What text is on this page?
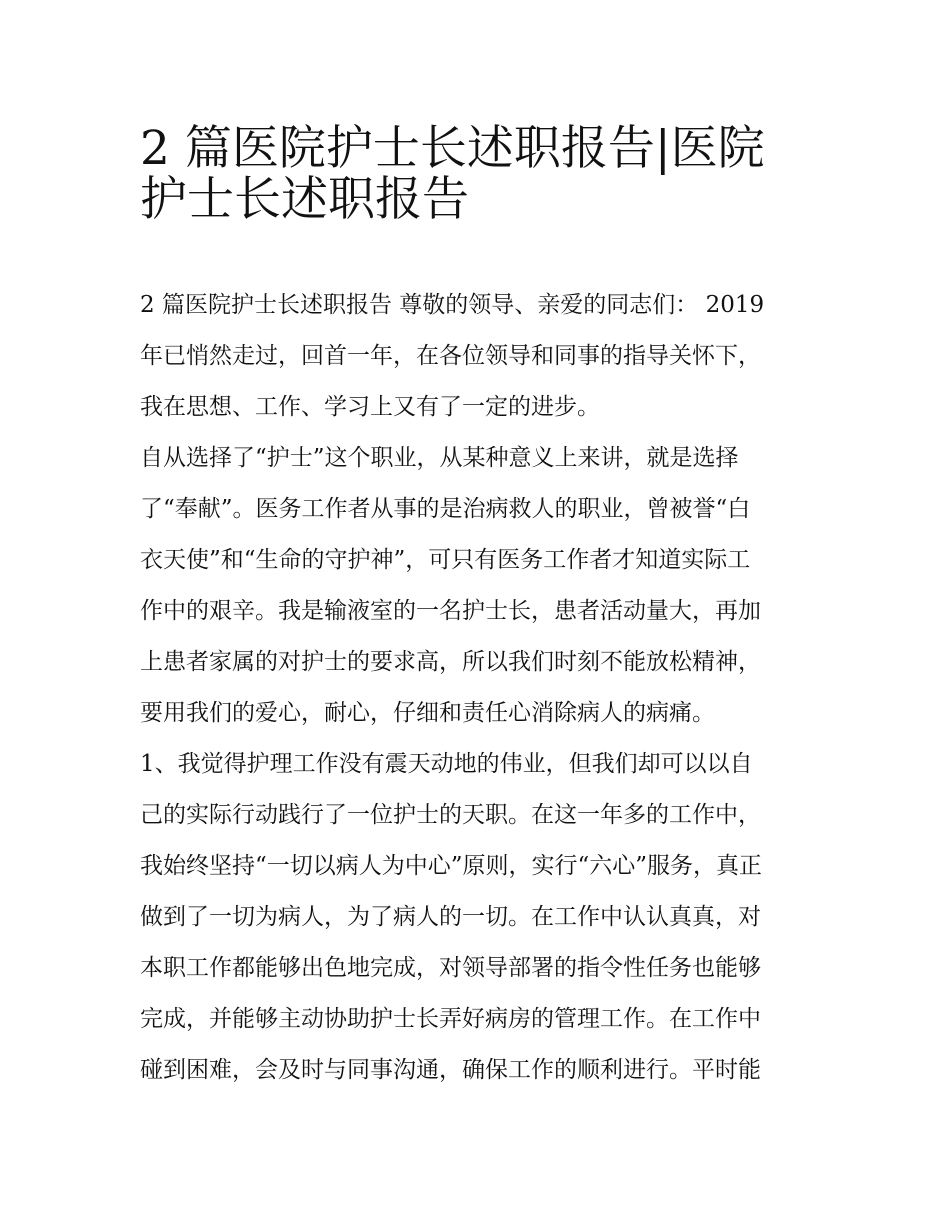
2 篇医院护士长述职报告|医院
护士长述职报告
2 篇医院护士长述职报告 尊敬的领导、亲爱的同志们： 2019
年已悄然走过，回首一年，在各位领导和同事的指导关怀下，
我在思想、工作、学习上又有了一定的进步。
自从选择了“护士”这个职业，从某种意义上来讲，就是选择
了“奉献”。医务工作者从事的是治病救人的职业，曾被誉“白
衣天使”和“生命的守护神”，可只有医务工作者才知道实际工
作中的艰辛。我是输液室的一名护士长，患者活动量大，再加
上患者家属的对护士的要求高，所以我们时刻不能放松精神，
要用我们的爱心，耐心，仔细和责任心消除病人的病痛。
1、我觉得护理工作没有震天动地的伟业，但我们却可以以自
己的实际行动践行了一位护士的天职。在这一年多的工作中，
我始终坚持“一切以病人为中心”原则，实行“六心”服务，真正
做到了一切为病人，为了病人的一切。在工作中认认真真，对
本职工作都能够出色地完成，对领导部署的指令性任务也能够
完成，并能够主动协助护士长弄好病房的管理工作。在工作中
碰到困难，会及时与同事沟通，确保工作的顺利进行。平时能
